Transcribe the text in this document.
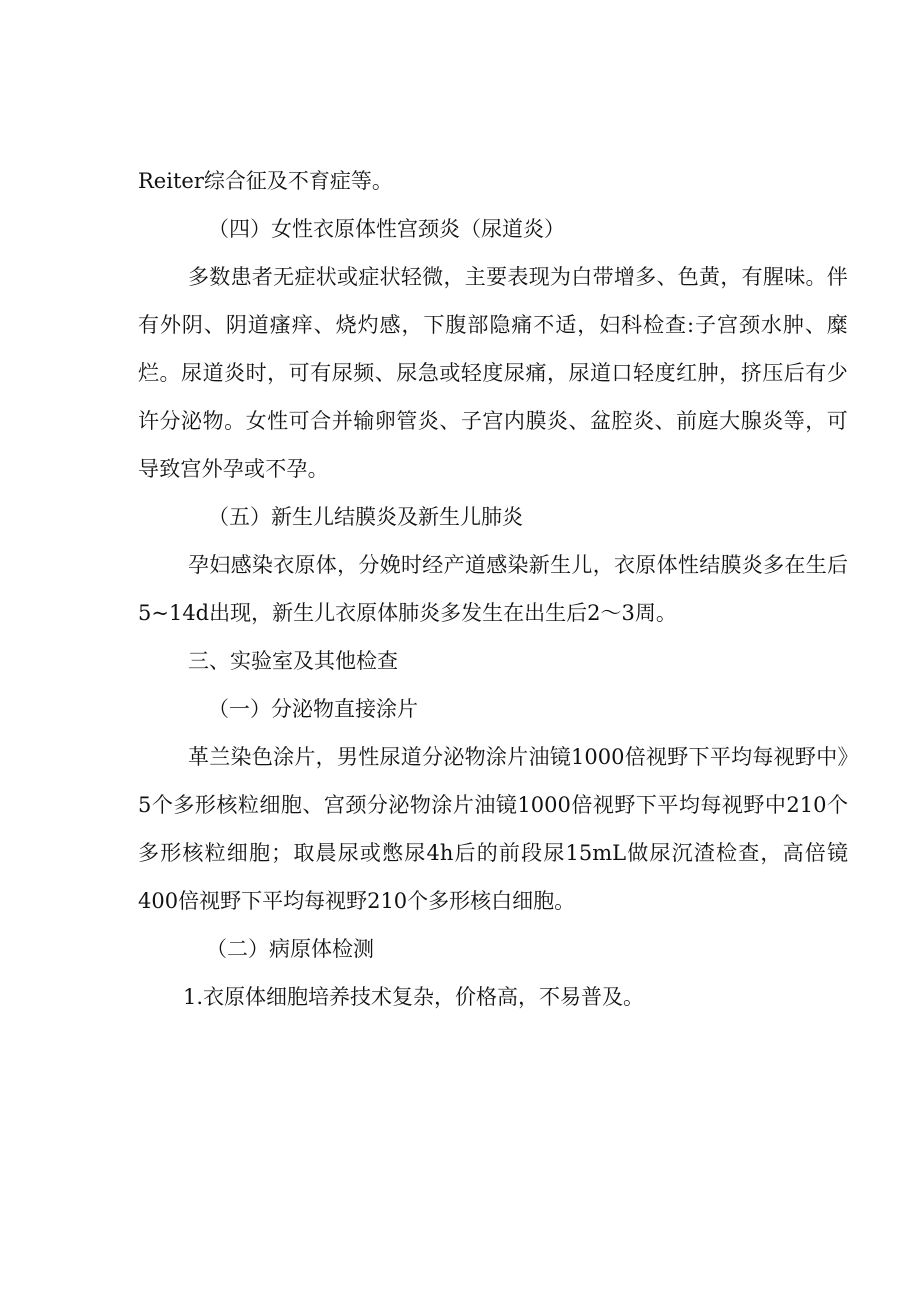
Reiter综合征及不育症等。

（四）女性衣原体性宫颈炎（尿道炎）

多数患者无症状或症状轻微，主要表现为白带增多、色黄，有腥味。伴有外阴、阴道瘙痒、烧灼感，下腹部隐痛不适，妇科检查:子宫颈水肿、糜烂。尿道炎时，可有尿频、尿急或轻度尿痛，尿道口轻度红肿，挤压后有少许分泌物。女性可合并输卵管炎、子宫内膜炎、盆腔炎、前庭大腺炎等，可导致宫外孕或不孕。

（五）新生儿结膜炎及新生儿肺炎

孕妇感染衣原体，分娩时经产道感染新生儿，衣原体性结膜炎多在生后5~14d出现，新生儿衣原体肺炎多发生在出生后2～3周。

三、实验室及其他检查

（一）分泌物直接涂片

革兰染色涂片，男性尿道分泌物涂片油镜1000倍视野下平均每视野中》5个多形核粒细胞、宫颈分泌物涂片油镜1000倍视野下平均每视野中210个多形核粒细胞；取晨尿或憋尿4h后的前段尿15mL做尿沉渣检查，高倍镜400倍视野下平均每视野210个多形核白细胞。

（二）病原体检测

1.衣原体细胞培养技术复杂，价格高，不易普及。
